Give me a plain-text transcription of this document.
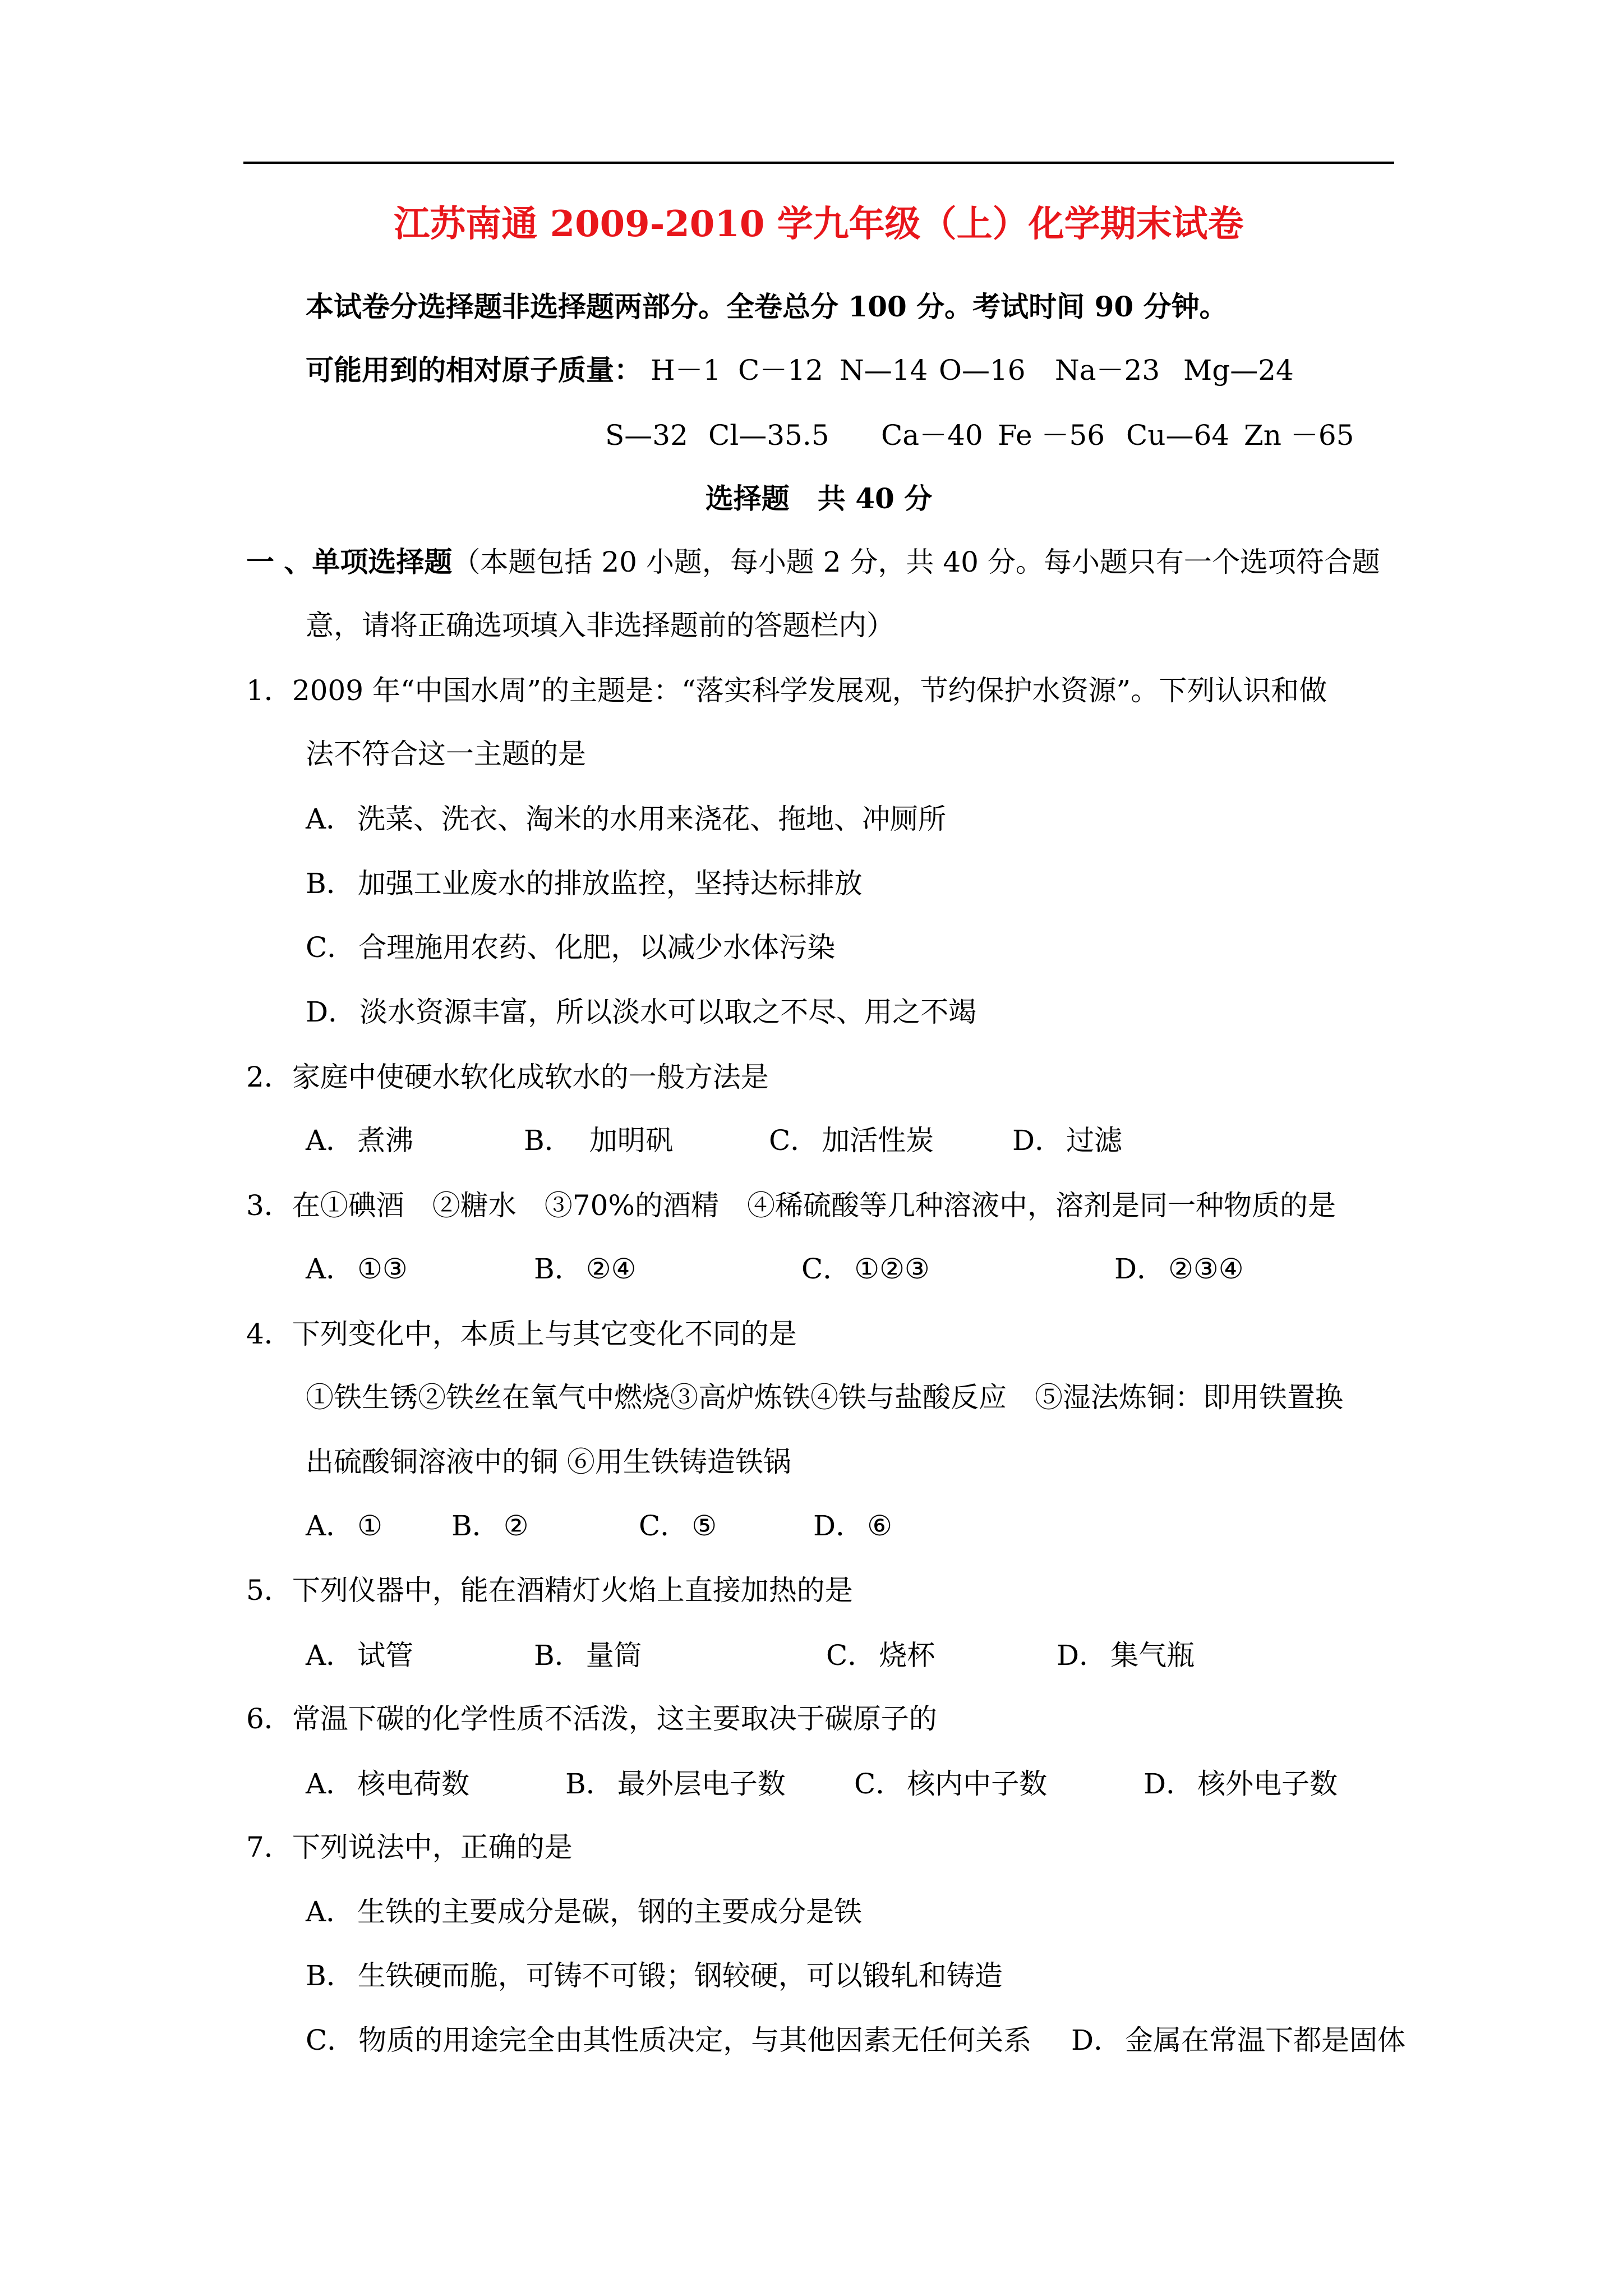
江苏南通 2009-2010 学九年级（上）化学期末试卷
本试卷分选择题非选择题两部分。全卷总分 100 分。考试时间 90 分钟。
可能用到的相对原子质量： H－1 C－12 N—14 O—16 Na－23 Mg—24
S—32 Cl—35.5 Ca－40 Fe －56 Cu—64 Zn －65
选择题　共 40 分
一 、单项选择题（本题包括 20 小题，每小题 2 分，共 40 分。每小题只有一个选项符合题
意，请将正确选项填入非选择题前的答题栏内）
1．2009 年“中国水周”的主题是：“落实科学发展观，节约保护水资源”。下列认识和做
法不符合这一主题的是
A． 洗菜、洗衣、淘米的水用来浇花、拖地、冲厕所
B． 加强工业废水的排放监控，坚持达标排放
C． 合理施用农药、化肥，以减少水体污染
D． 淡水资源丰富，所以淡水可以取之不尽、用之不竭
2．家庭中使硬水软化成软水的一般方法是
A． 煮沸	B． 加明矾	C． 加活性炭	D． 过滤
3．在①碘酒　②糖水　③70%的酒精　④稀硫酸等几种溶液中，溶剂是同一种物质的是
A． ①③	B． ②④	C． ①②③	D． ②③④
4．下列变化中，本质上与其它变化不同的是
①铁生锈②铁丝在氧气中燃烧③高炉炼铁④铁与盐酸反应　⑤湿法炼铜：即用铁置换
出硫酸铜溶液中的铜 ⑥用生铁铸造铁锅
A． ① B． ②	C． ⑤	D． ⑥
5．下列仪器中，能在酒精灯火焰上直接加热的是
A． 试管	B． 量筒	C． 烧杯	D． 集气瓶
6．常温下碳的化学性质不活泼，这主要取决于碳原子的
A． 核电荷数	B． 最外层电子数 C． 核内中子数	D． 核外电子数
7．下列说法中，正确的是
A． 生铁的主要成分是碳，钢的主要成分是铁
B． 生铁硬而脆，可铸不可锻；钢较硬，可以锻轧和铸造
C． 物质的用途完全由其性质决定，与其他因素无任何关系 D． 金属在常温下都是固体
